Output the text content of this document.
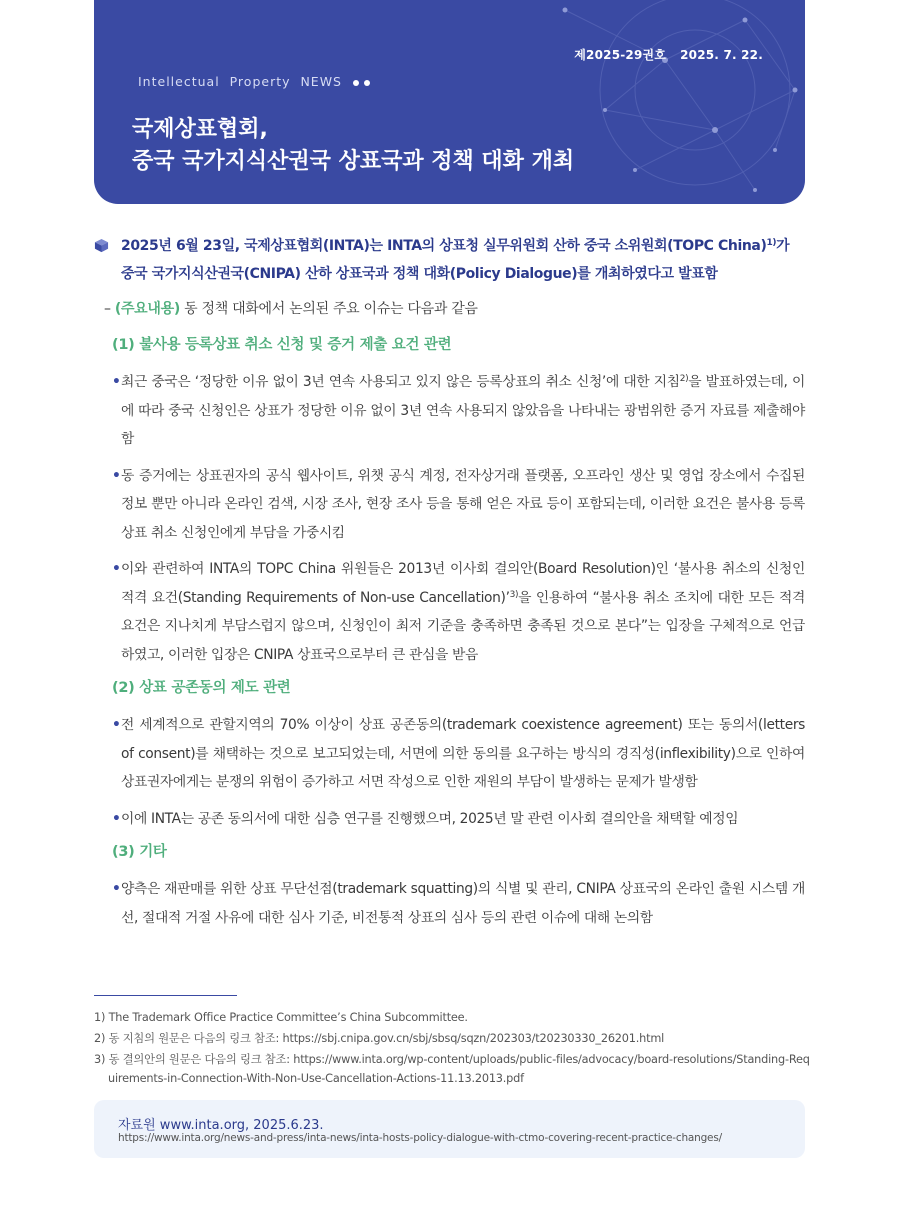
제2025-29권호 2025. 7. 22.
Intellectual  Property  NEWS
국제상표협회,
중국 국가지식산권국 상표국과 정책 대화 개최
2025년 6월 23일, 국제상표협회(INTA)는 INTA의 상표청 실무위원회 산하 중국 소위원회(TOPC China)$^{1)}$가
중국 국가지식산권국(CNIPA) 산하 상표국과 정책 대화(Policy Dialogue)를 개최하였다고 발표함
– (주요내용) 동 정책 대화에서 논의된 주요 이슈는 다음과 같음
(1) 불사용 등록상표 취소 신청 및 증거 제출 요건 관련
• 최근 중국은 ‘정당한 이유 없이 3년 연속 사용되고 있지 않은 등록상표의 취소 신청’에 대한 지침$^{2)}$을 발표하였는데, 이에 따라 중국 신청인은 상표가 정당한 이유 없이 3년 연속 사용되지 않았음을 나타내는 광범위한 증거 자료를 제출해야 함
• 동 증거에는 상표권자의 공식 웹사이트, 위챗 공식 계정, 전자상거래 플랫폼, 오프라인 생산 및 영업 장소에서 수집된 정보 뿐만 아니라 온라인 검색, 시장 조사, 현장 조사 등을 통해 얻은 자료 등이 포함되는데, 이러한 요건은 불사용 등록상표 취소 신청인에게 부담을 가중시킴
• 이와 관련하여 INTA의 TOPC China 위원들은 2013년 이사회 결의안(Board Resolution)인 ‘불사용 취소의 신청인 적격 요건(Standing Requirements of Non-use Cancellation)’$^{3)}$을 인용하여 “불사용 취소 조치에 대한 모든 적격 요건은 지나치게 부담스럽지 않으며, 신청인이 최저 기준을 충족하면 충족된 것으로 본다”는 입장을 구체적으로 언급하였고, 이러한 입장은 CNIPA 상표국으로부터 큰 관심을 받음
(2) 상표 공존동의 제도 관련
• 전 세계적으로 관할지역의 70% 이상이 상표 공존동의(trademark coexistence agreement) 또는 동의서(letters of consent)를 채택하는 것으로 보고되었는데, 서면에 의한 동의를 요구하는 방식의 경직성(inflexibility)으로 인하여 상표권자에게는 분쟁의 위험이 증가하고 서면 작성으로 인한 재원의 부담이 발생하는 문제가 발생함
• 이에 INTA는 공존 동의서에 대한 심층 연구를 진행했으며, 2025년 말 관련 이사회 결의안을 채택할 예정임
(3) 기타
• 양측은 재판매를 위한 상표 무단선점(trademark squatting)의 식별 및 관리, CNIPA 상표국의 온라인 출원 시스템 개선, 절대적 거절 사유에 대한 심사 기준, 비전통적 상표의 심사 등의 관련 이슈에 대해 논의함
1) The Trademark Office Practice Committee’s China Subcommittee.
2) 동 지침의 원문은 다음의 링크 참조: https://sbj.cnipa.gov.cn/sbj/sbsq/sqzn/202303/t20230330_26201.html
3) 동 결의안의 원문은 다음의 링크 참조: https://www.inta.org/wp-content/uploads/public-files/advocacy/board-resolutions/Standing-Requirements-in-Connection-With-Non-Use-Cancellation-Actions-11.13.2013.pdf
자료원 www.inta.org, 2025.6.23.
https://www.inta.org/news-and-press/inta-news/inta-hosts-policy-dialogue-with-ctmo-covering-recent-practice-changes/
